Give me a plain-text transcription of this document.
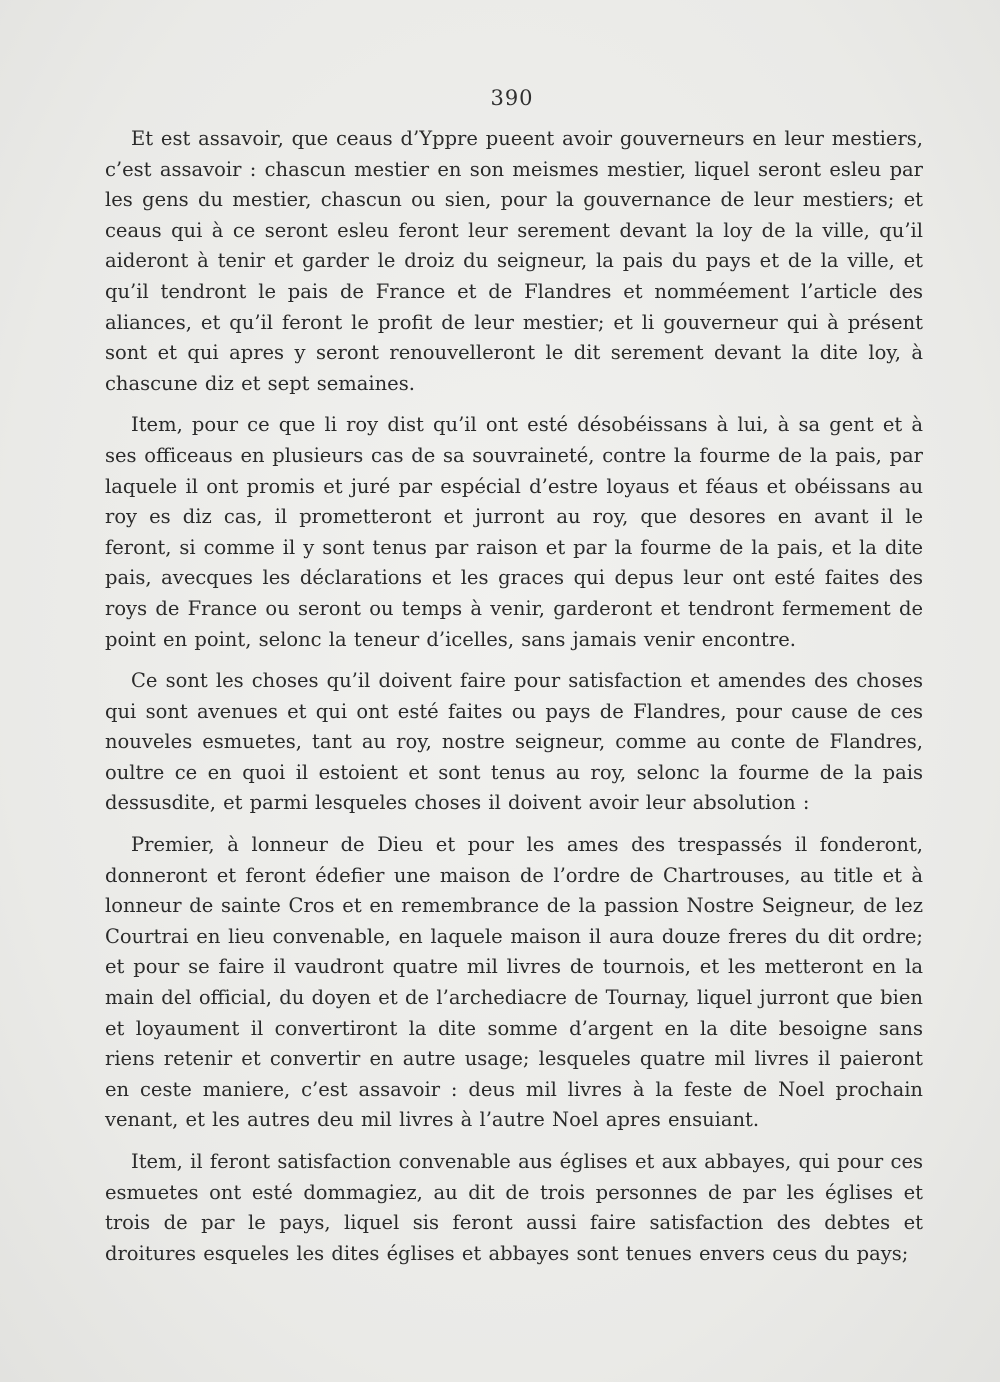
390

Et est assavoir, que ceaus d’Yppre pueent avoir gouverneurs en leur mestiers, c’est assavoir : chascun mestier en son meismes mestier, liquel seront esleu par les gens du mestier, chascun ou sien, pour la gouvernance de leur mestiers; et ceaus qui à ce seront esleu feront leur serement devant la loy de la ville, qu’il aideront à tenir et garder le droiz du seigneur, la pais du pays et de la ville, et qu’il tendront le pais de France et de Flandres et nomméement l’article des aliances, et qu’il feront le profit de leur mestier; et li gouverneur qui à présent sont et qui apres y seront renouvelleront le dit serement devant la dite loy, à chascune diz et sept semaines.

Item, pour ce que li roy dist qu’il ont esté désobéissans à lui, à sa gent et à ses officeaus en plusieurs cas de sa souvraineté, contre la fourme de la pais, par laquele il ont promis et juré par espécial d’estre loyaus et féaus et obéissans au roy es diz cas, il prometteront et jurront au roy, que desores en avant il le feront, si comme il y sont tenus par raison et par la fourme de la pais, et la dite pais, avecques les déclarations et les graces qui depus leur ont esté faites des roys de France ou seront ou temps à venir, garderont et tendront fermement de point en point, selonc la teneur d’icelles, sans jamais venir encontre.

Ce sont les choses qu’il doivent faire pour satisfaction et amendes des choses qui sont avenues et qui ont esté faites ou pays de Flandres, pour cause de ces nouveles esmuetes, tant au roy, nostre seigneur, comme au conte de Flandres, oultre ce en quoi il estoient et sont tenus au roy, selonc la fourme de la pais dessusdite, et parmi lesqueles choses il doivent avoir leur absolution :

Premier, à lonneur de Dieu et pour les ames des trespassés il fonderont, donneront et feront édefier une maison de l’ordre de Chartrouses, au title et à lonneur de sainte Cros et en remembrance de la passion Nostre Seigneur, de lez Courtrai en lieu convenable, en laquele maison il aura douze freres du dit ordre; et pour se faire il vaudront quatre mil livres de tournois, et les metteront en la main del official, du doyen et de l’archediacre de Tournay, liquel jurront que bien et loyaument il convertiront la dite somme d’argent en la dite besoigne sans riens retenir et convertir en autre usage; lesqueles quatre mil livres il paieront en ceste maniere, c’est assavoir : deus mil livres à la feste de Noel prochain venant, et les autres deu mil livres à l’autre Noel apres ensuiant.

Item, il feront satisfaction convenable aus églises et aux abbayes, qui pour ces esmuetes ont esté dommagiez, au dit de trois personnes de par les églises et trois de par le pays, liquel sis feront aussi faire satisfaction des debtes et droitures esqueles les dites églises et abbayes sont tenues envers ceus du pays;
